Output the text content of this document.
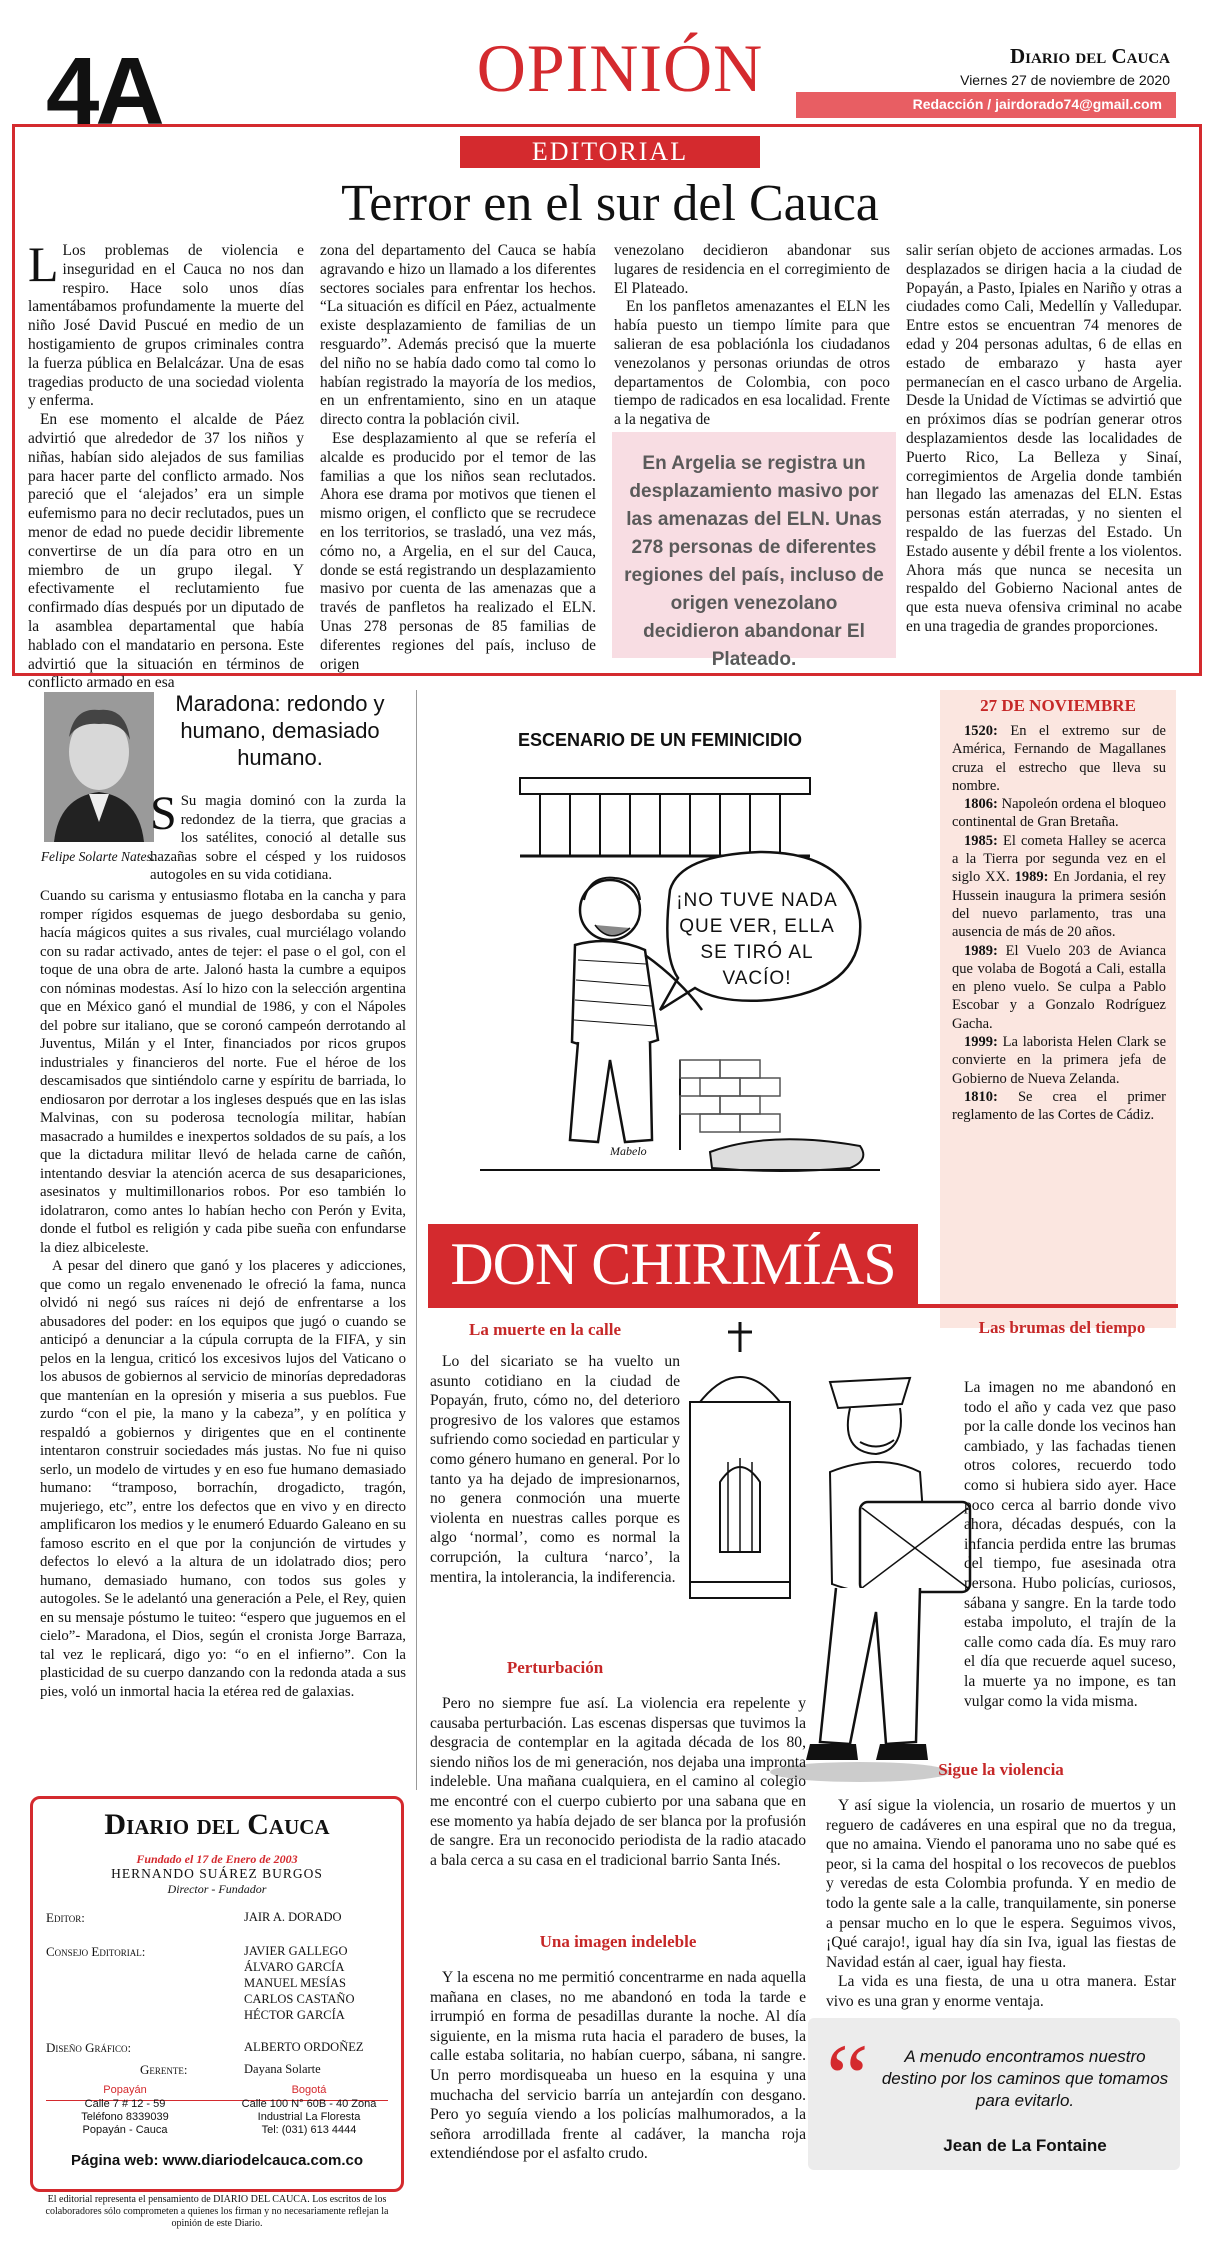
4A	OPINIÓN	Diario del Cauca
Viernes 27 de noviembre de 2020
Redacción / jairdorado74@gmail.com
EDITORIAL
Terror en el sur del Cauca

L Los problemas de violencia e inseguridad en el Cauca no nos dan respiro. Hace solo unos días lamentábamos profundamente la muerte del niño José David Puscué en medio de un hostigamiento de grupos criminales contra la fuerza pública en Belalcázar. Una de esas tragedias producto de una sociedad violenta y enferma.

En ese momento el alcalde de Páez advirtió que alrededor de 37 los niños y niñas, habían sido alejados de sus familias para hacer parte del conflicto armado. Nos pareció que el ‘alejados’ era un simple eufemismo para no decir reclutados, pues un menor de edad no puede decidir libremente convertirse de un día para otro en un miembro de un grupo ilegal. Y efectivamente el reclutamiento fue confirmado días después por un diputado de la asamblea departamental que había hablado con el mandatario en persona. Este advirtió que la situación en términos de conflicto armado en esa

zona del departamento del Cauca se había agravando e hizo un llamado a los diferentes sectores sociales para enfrentar los hechos. “La situación es difícil en Páez, actualmente existe desplazamiento de familias de un resguardo”. Además precisó que la muerte del niño no se había dado como tal como lo habían registrado la mayoría de los medios, en un enfrentamiento, sino en un ataque directo contra la población civil.

Ese desplazamiento al que se refería el alcalde es producido por el temor de las familias a que los niños sean reclutados. Ahora ese drama por motivos que tienen el mismo origen, el conflicto que se recrudece en los territorios, se trasladó, una vez más, cómo no, a Argelia, en el sur del Cauca, donde se está registrando un desplazamiento masivo por cuenta de las amenazas que a través de panfletos ha realizado el ELN. Unas 278 personas de 85 familias de diferentes regiones del país, incluso de origen

venezolano decidieron abandonar sus lugares de residencia en el corregimiento de El Plateado.

En los panfletos amenazantes el ELN les había puesto un tiempo límite para que salieran de esa poblaciónla los ciudadanos venezolanos y personas oriundas de otros departamentos de Colombia, con poco tiempo de radicados en esa localidad. Frente a la negativa de

En Argelia se registra un desplazamiento masivo por las amenazas del ELN. Unas 278 personas de diferentes regiones del país, incluso de origen venezolano decidieron abandonar El Plateado.

salir serían objeto de acciones armadas. Los desplazados se dirigen hacia a la ciudad de Popayán, a Pasto, Ipiales en Nariño y otras a ciudades como Cali, Medellín y Valledupar. Entre estos se encuentran 74 menores de edad y 204 personas adultas, 6 de ellas en estado de embarazo y hasta ayer permanecían en el casco urbano de Argelia. Desde la Unidad de Víctimas se advirtió que en próximos días se podrían generar otros desplazamientos desde las localidades de Puerto Rico, La Belleza y Sinaí, corregimientos de Argelia donde también han llegado las amenazas del ELN. Estas personas están aterradas, y no sienten el respaldo de las fuerzas del Estado. Un Estado ausente y débil frente a los violentos. Ahora más que nunca se necesita un respaldo del Gobierno Nacional antes de que esta nueva ofensiva criminal no acabe en una tragedia de grandes proporciones.

Felipe Solarte Nates.
Maradona: redondo y humano, demasiado humano.
S Su magia dominó con la zurda la redondez de la tierra, que gracias a los satélites, conoció al detalle sus hazañas sobre el césped y los ruidosos autogoles en su vida cotidiana.

Cuando su carisma y entusiasmo flotaba en la cancha y para romper rígidos esquemas de juego desbordaba su genio, hacía mágicos quites a sus rivales, cual murciélago volando con su radar activado, antes de tejer: el pase o el gol, con el toque de una obra de arte. Jalonó hasta la cumbre a equipos con nóminas modestas. Así lo hizo con la selección argentina que en México ganó el mundial de 1986, y con el Nápoles del pobre sur italiano, que se coronó campeón derrotando al Juventus, Milán y el Inter, financiados por ricos grupos industriales y financieros del norte. Fue el héroe de los descamisados que sintiéndolo carne y espíritu de barriada, lo endiosaron por derrotar a los ingleses después que en las islas Malvinas, con su poderosa tecnología militar, habían masacrado a humildes e inexpertos soldados de su país, a los que la dictadura militar llevó de helada carne de cañón, intentando desviar la atención acerca de sus desapariciones, asesinatos y multimillonarios robos. Por eso también lo idolatraron, como antes lo habían hecho con Perón y Evita, donde el futbol es religión y cada pibe sueña con enfundarse la diez albiceleste.

A pesar del dinero que ganó y los placeres y adicciones, que como un regalo envenenado le ofreció la fama, nunca olvidó ni negó sus raíces ni dejó de enfrentarse a los abusadores del poder: en los equipos que jugó o cuando se anticipó a denunciar a la cúpula corrupta de la FIFA, y sin pelos en la lengua, criticó los excesivos lujos del Vaticano o los abusos de gobiernos al servicio de minorías depredadoras que mantenían en la opresión y miseria a sus pueblos. Fue zurdo “con el pie, la mano y la cabeza”, y en política y respaldó a gobiernos y dirigentes que en el continente intentaron construir sociedades más justas. No fue ni quiso serlo, un modelo de virtudes y en eso fue humano demasiado humano: “tramposo, borrachín, drogadicto, tragón, mujeriego, etc”, entre los defectos que en vivo y en directo amplificaron los medios y le enumeró Eduardo Galeano en su famoso escrito en el que por la conjunción de virtudes y defectos lo elevó a la altura de un idolatrado dios; pero humano, demasiado humano, con todos sus goles y autogoles. Se le adelantó una generación a Pele, el Rey, quien en su mensaje póstumo le tuiteo: “espero que juguemos en el cielo”- Maradona, el Dios, según el cronista Jorge Barraza, tal vez le replicará, digo yo: “o en el infierno”. Con la plasticidad de su cuerpo danzando con la redonda atada a sus pies, voló un inmortal hacia la etérea red de galaxias.

Diario del Cauca
Fundado el 17 de Enero de 2003
HERNANDO SUÁREZ BURGOS
Director - Fundador
Editor:	JAIR A. DORADO
Consejo Editorial:	JAVIER GALLEGO
ÁLVARO GARCÍA
MANUEL MESÍAS
CARLOS CASTAÑO
HÉCTOR GARCÍA
Diseño Gráfico:	ALBERTO ORDOÑEZ
Gerente:	Dayana Solarte
Popayán
Calle 7 # 12 - 59
Teléfono 8339039
Popayán - Cauca
Bogotá
Calle 100 N° 60B - 40 Zona
Industrial La Floresta
Tel: (031) 613 4444
Página web: www.diariodelcauca.com.co
El editorial representa el pensamiento de DIARIO DEL CAUCA. Los escritos de los colaboradores sólo comprometen a quienes los firman y no necesariamente reflejan la opinión de este Diario.
ESCENARIO DE UN FEMINICIDIO
¡NO TUVE NADA QUE VER, ELLA SE TIRÓ AL VACÍO!
Mabelo
27 DE NOVIEMBRE

1520: En el extremo sur de América, Fernando de Magallanes cruza el estrecho que lleva su nombre.

1806: Napoleón ordena el bloqueo continental de Gran Bretaña.

1985: El cometa Halley se acerca a la Tierra por segunda vez en el siglo XX. 1989: En Jordania, el rey Hussein inaugura la primera sesión del nuevo parlamento, tras una ausencia de más de 20 años.

1989: El Vuelo 203 de Avianca que volaba de Bogotá a Cali, estalla en pleno vuelo. Se culpa a Pablo Escobar y a Gonzalo Rodríguez Gacha.

1999: La laborista Helen Clark se convierte en la primera jefa de Gobierno de Nueva Zelanda.

1810: Se crea el primer reglamento de las Cortes de Cádiz.

DON CHIRIMÍAS
La muerte en la calle

Lo del sicariato se ha vuelto un asunto cotidiano en la ciudad de Popayán, fruto, cómo no, del deterioro progresivo de los valores que estamos sufriendo como sociedad en particular y como género humano en general. Por lo tanto ya ha dejado de impresionarnos, no genera conmoción una muerte violenta en nuestras calles porque es algo ‘normal’, como es normal la corrupción, la cultura ‘narco’, la mentira, la intolerancia, la indiferencia.

Las brumas del tiempo

La imagen no me abandonó en todo el año y cada vez que paso por la calle donde los vecinos han cambiado, y las fachadas tienen otros colores, recuerdo todo como si hubiera sido ayer. Hace poco cerca al barrio donde vivo ahora, décadas después, con la infancia perdida entre las brumas del tiempo, fue asesinada otra persona. Hubo policías, curiosos, sábana y sangre. En la tarde todo estaba impoluto, el trajín de la calle como cada día. Es muy raro el día que recuerde aquel suceso, la muerte ya no impone, es tan vulgar como la vida misma.

Perturbación

Pero no siempre fue así. La violencia era repelente y causaba perturbación. Las escenas dispersas que tuvimos la desgracia de contemplar en la agitada década de los 80, siendo niños los de mi generación, nos dejaba una impronta indeleble. Una mañana cualquiera, en el camino al colegio me encontré con el cuerpo cubierto por una sabana que en ese momento ya había dejado de ser blanca por la profusión de sangre. Era un reconocido periodista de la radio atacado a bala cerca a su casa en el tradicional barrio Santa Inés.

Una imagen indeleble

Y la escena no me permitió concentrarme en nada aquella mañana en clases, no me abandonó en toda la tarde e irrumpió en forma de pesadillas durante la noche. Al día siguiente, en la misma ruta hacia el paradero de buses, la calle estaba solitaria, no habían cuerpo, sábana, ni sangre. Un perro mordisqueaba un hueso en la esquina y una muchacha del servicio barría un antejardín con desgano. Pero yo seguía viendo a los policías malhumorados, a la señora arrodillada frente al cadáver, la mancha roja extendiéndose por el asfalto crudo.

Sigue la violencia

Y así sigue la violencia, un rosario de muertos y un reguero de cadáveres en una espiral que no da tregua, que no amaina. Viendo el panorama uno no sabe qué es peor, si la cama del hospital o los recovecos de pueblos y veredas de esta Colombia profunda. Y en medio de todo la gente sale a la calle, tranquilamente, sin ponerse a pensar mucho en lo que le espera. Seguimos vivos, ¡Qué carajo!, igual hay día sin Iva, igual las fiestas de Navidad están al caer, igual hay fiesta.

La vida es una fiesta, de una u otra manera. Estar vivo es una gran y enorme ventaja.

“	A menudo encontramos nuestro destino por los caminos que tomamos para evitarlo.
Jean de La Fontaine
